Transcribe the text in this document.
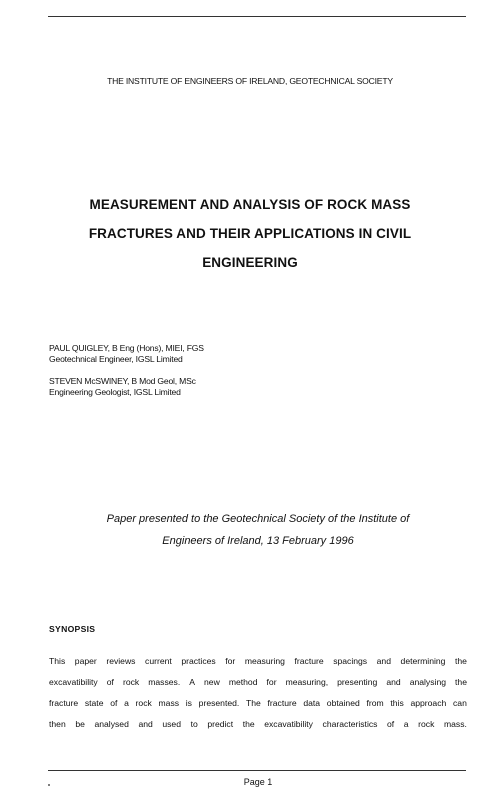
THE INSTITUTE OF ENGINEERS OF IRELAND, GEOTECHNICAL SOCIETY
MEASUREMENT AND ANALYSIS OF ROCK MASS
FRACTURES AND THEIR APPLICATIONS IN CIVIL
ENGINEERING
PAUL QUIGLEY, B Eng (Hons), MIEI, FGS
Geotechnical Engineer, IGSL Limited
STEVEN McSWINEY, B Mod Geol, MSc
Engineering Geologist, IGSL Limited
Paper presented to the Geotechnical Society of the Institute of
Engineers of Ireland, 13 February 1996
SYNOPSIS
This paper reviews current practices for measuring fracture spacings and determining the
excavatibility of rock masses. A new method for measuring, presenting and analysing the
fracture state of a rock mass is presented. The fracture data obtained from this approach can
then be analysed and used to predict the excavatibility characteristics of a rock mass.
Page 1
